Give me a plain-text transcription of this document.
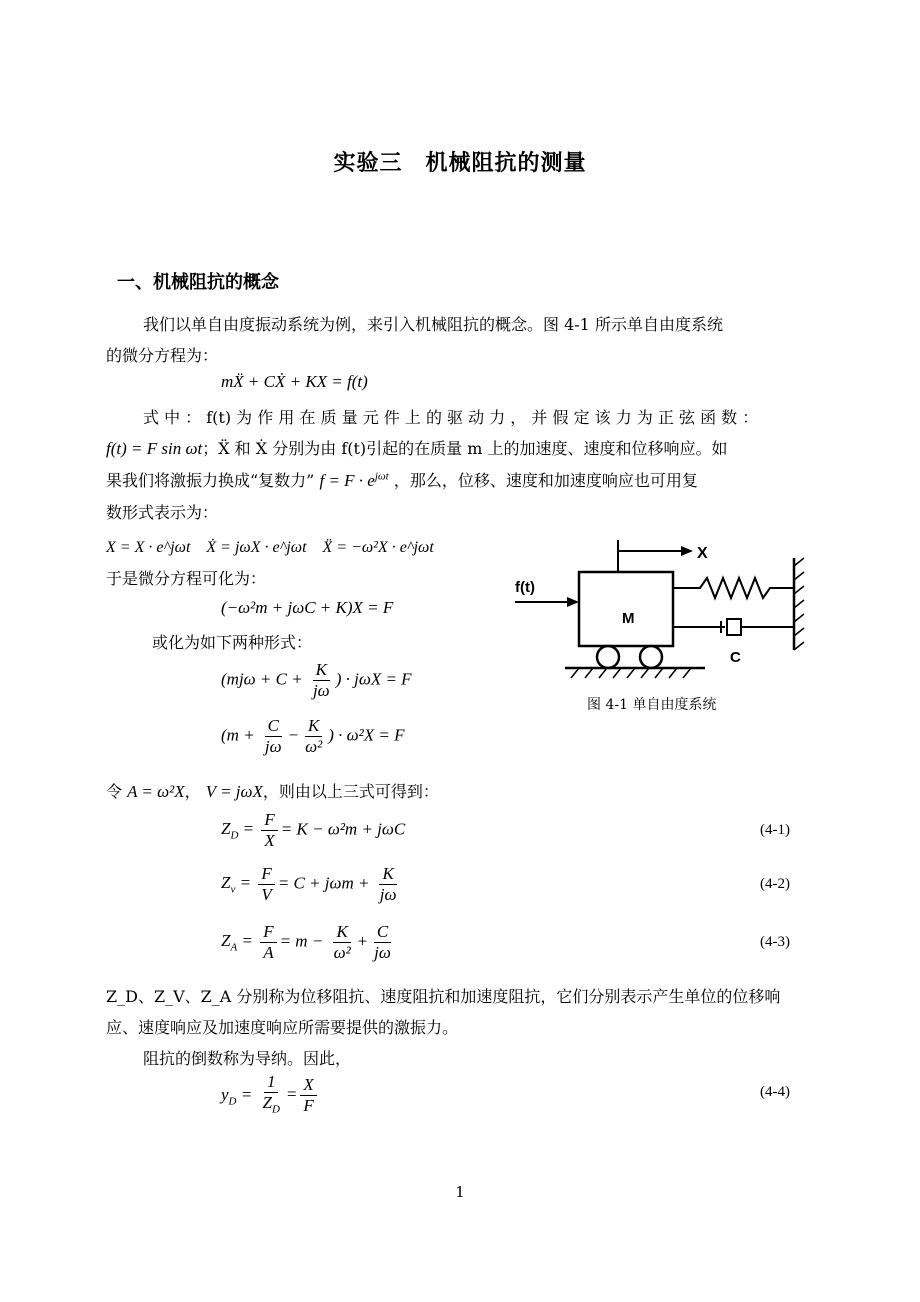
实验三　机械阻抗的测量
一、机械阻抗的概念
我们以单自由度振动系统为例，来引入机械阻抗的概念。图 4-1 所示单自由度系统
的微分方程为：
mẌ + CẊ + KX = f(t)
式 中 ： f(t) 为 作 用 在 质 量 元 件 上 的 驱 动 力 ， 并 假 定 该 力 为 正 弦 函 数 ：
f(t) = F sin ωt；Ẍ 和 Ẋ 分别为由 f(t)引起的在质量 m 上的加速度、速度和位移响应。如
果我们将激振力换成“复数力” $f = F \cdot e^{j\omega t}$ ，那么，位移、速度和加速度响应也可用复
数形式表示为：
X = X · e^jωt　Ẋ = jωX · e^jωt　Ẍ = −ω²X · e^jωt
于是微分方程可化为：
(−ω²m + jωC + K)X = F
或化为如下两种形式：
($mj\omega + C + \frac{K}{j\omega}$ ) · jωX = F
($m + \frac{C}{j\omega} - \frac{K}{\text{ω²}}$ ) · ω²X = F
令 A = ω²X， V = jωX，则由以上三式可得到：
$Z_D = \frac{F}{X} = K - \omega^2m + j\omega C$	(4-1)
$Z_v = \frac{F}{V} = C + j\omega m + \frac{K}{j\omega}$	(4-2)
$Z_A = \frac{F}{A} = m - \frac{K}{\text{ω²}} + \frac{C}{j\omega}$	(4-3)
Z_D、Z_V、Z_A 分别称为位移阻抗、速度阻抗和加速度阻抗，它们分别表示产生单位的位移响
应、速度响应及加速度响应所需要提供的激振力。
阻抗的倒数称为导纳。因此，
$y_D = \frac{1}{Z_D} = \frac{X}{F}$	(4-4)
X
f(t)
M
C
图 4-1 单自由度系统
1
